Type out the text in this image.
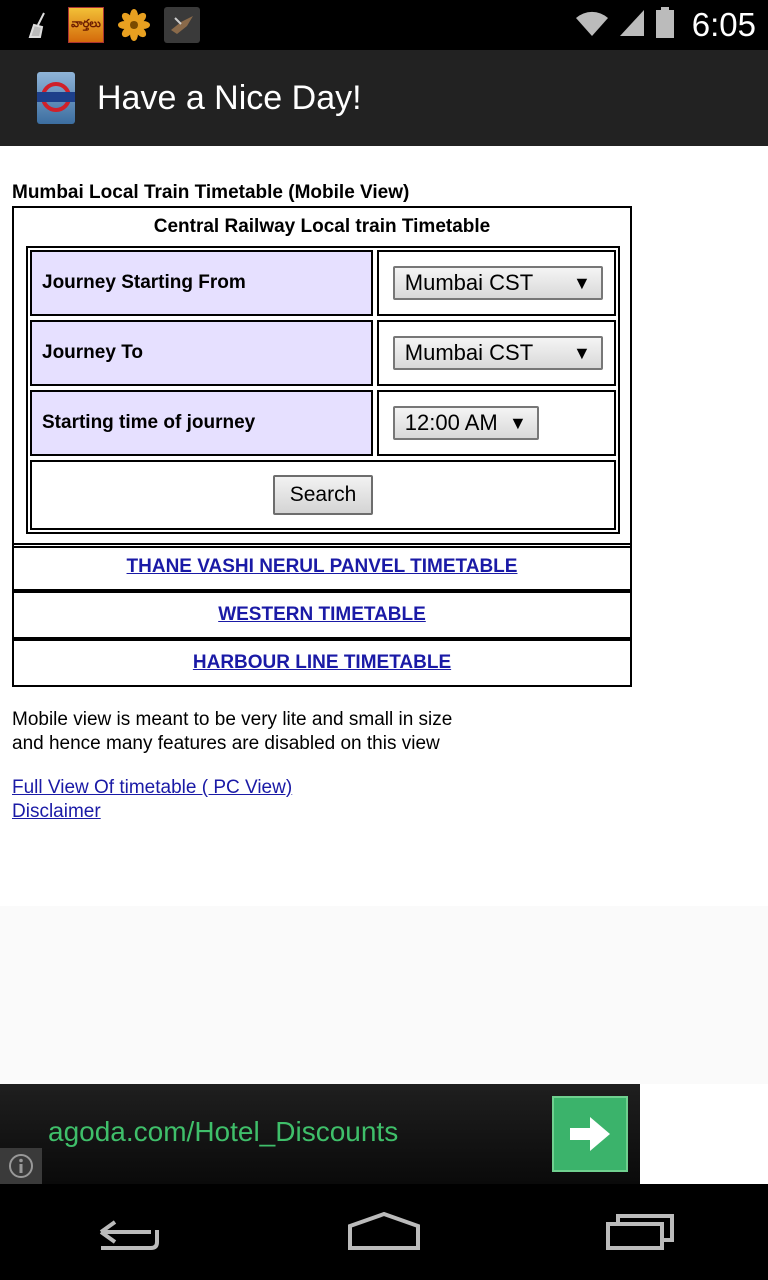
వార్తలు	6:05
Have a Nice Day!
Mumbai Local Train Timetable (Mobile View)
Central Railway Local train Timetable
Journey Starting From	Mumbai CST ▼
Journey To	Mumbai CST ▼
Starting time of journey	12:00 AM ▼
Search
THANE VASHI NERUL PANVEL TIMETABLE
WESTERN TIMETABLE
HARBOUR LINE TIMETABLE
Mobile view is meant to be very lite and small in size
and hence many features are disabled on this view
Full View Of timetable ( PC View)
Disclaimer
agoda.com/Hotel_Discounts
